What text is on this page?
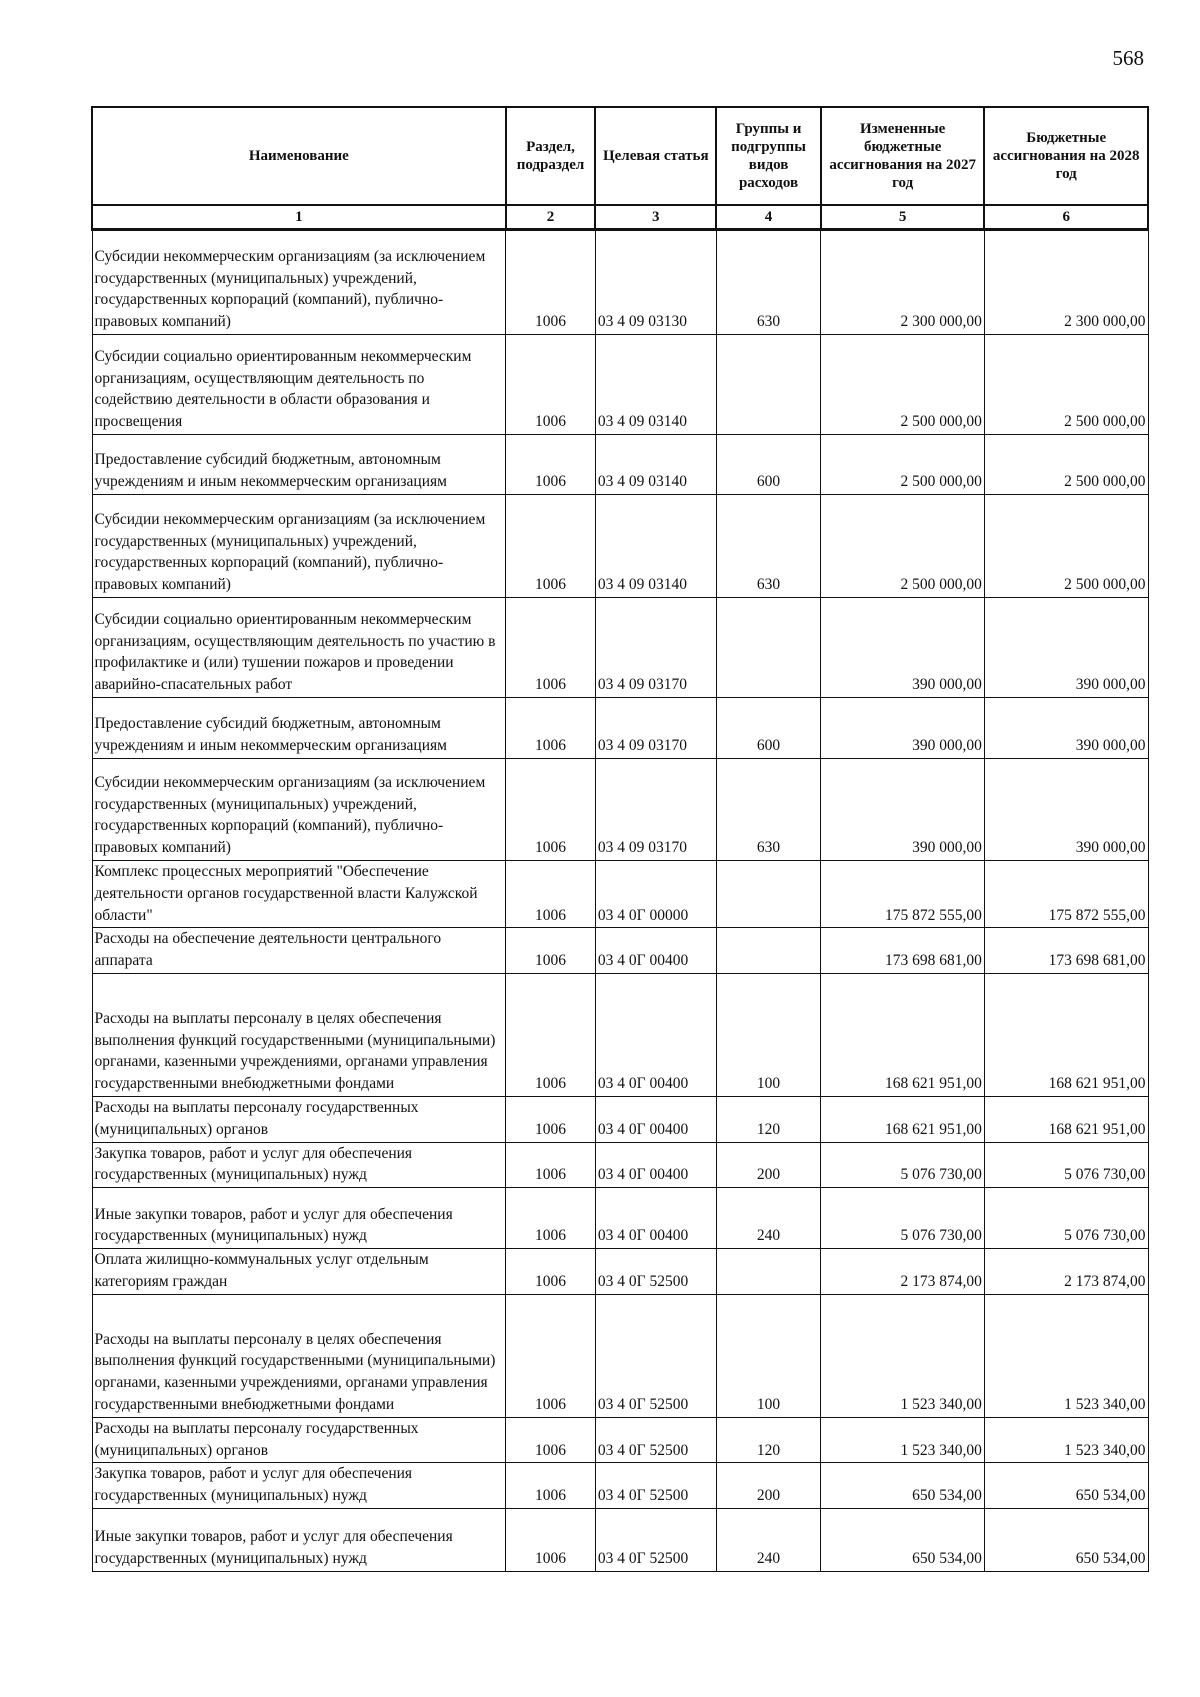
568
Наименование	Раздел, подраздел	Целевая статья	Группы и подгруппы видов расходов	Измененные бюджетные ассигнования на 2027 год	Бюджетные ассигнования на 2028 год
1	2	3	4	5	6
Субсидии некоммерческим организациям (за исключением государственных (муниципальных) учреждений, государственных корпораций (компаний), публично-правовых компаний)	1006	03 4 09 03130	630	2 300 000,00	2 300 000,00
Субсидии социально ориентированным некоммерческим организациям, осуществляющим деятельность по содействию деятельности в области образования и просвещения	1006	03 4 09 03140		2 500 000,00	2 500 000,00
Предоставление субсидий бюджетным, автономным учреждениям и иным некоммерческим организациям	1006	03 4 09 03140	600	2 500 000,00	2 500 000,00
Субсидии некоммерческим организациям (за исключением государственных (муниципальных) учреждений, государственных корпораций (компаний), публично-правовых компаний)	1006	03 4 09 03140	630	2 500 000,00	2 500 000,00
Субсидии социально ориентированным некоммерческим организациям, осуществляющим деятельность по участию в профилактике и (или) тушении пожаров и проведении аварийно-спасательных работ	1006	03 4 09 03170		390 000,00	390 000,00
Предоставление субсидий бюджетным, автономным учреждениям и иным некоммерческим организациям	1006	03 4 09 03170	600	390 000,00	390 000,00
Субсидии некоммерческим организациям (за исключением государственных (муниципальных) учреждений, государственных корпораций (компаний), публично-правовых компаний)	1006	03 4 09 03170	630	390 000,00	390 000,00
Комплекс процессных мероприятий "Обеспечение деятельности органов государственной власти Калужской области"	1006	03 4 0Г 00000		175 872 555,00	175 872 555,00
Расходы на обеспечение деятельности центрального аппарата	1006	03 4 0Г 00400		173 698 681,00	173 698 681,00
Расходы на выплаты персоналу в целях обеспечения выполнения функций государственными (муниципальными) органами, казенными учреждениями, органами управления государственными внебюджетными фондами	1006	03 4 0Г 00400	100	168 621 951,00	168 621 951,00
Расходы на выплаты персоналу государственных (муниципальных) органов	1006	03 4 0Г 00400	120	168 621 951,00	168 621 951,00
Закупка товаров, работ и услуг для обеспечения государственных (муниципальных) нужд	1006	03 4 0Г 00400	200	5 076 730,00	5 076 730,00
Иные закупки товаров, работ и услуг для обеспечения государственных (муниципальных) нужд	1006	03 4 0Г 00400	240	5 076 730,00	5 076 730,00
Оплата жилищно-коммунальных услуг отдельным категориям граждан	1006	03 4 0Г 52500		2 173 874,00	2 173 874,00
Расходы на выплаты персоналу в целях обеспечения выполнения функций государственными (муниципальными) органами, казенными учреждениями, органами управления государственными внебюджетными фондами	1006	03 4 0Г 52500	100	1 523 340,00	1 523 340,00
Расходы на выплаты персоналу государственных (муниципальных) органов	1006	03 4 0Г 52500	120	1 523 340,00	1 523 340,00
Закупка товаров, работ и услуг для обеспечения государственных (муниципальных) нужд	1006	03 4 0Г 52500	200	650 534,00	650 534,00
Иные закупки товаров, работ и услуг для обеспечения государственных (муниципальных) нужд	1006	03 4 0Г 52500	240	650 534,00	650 534,00
